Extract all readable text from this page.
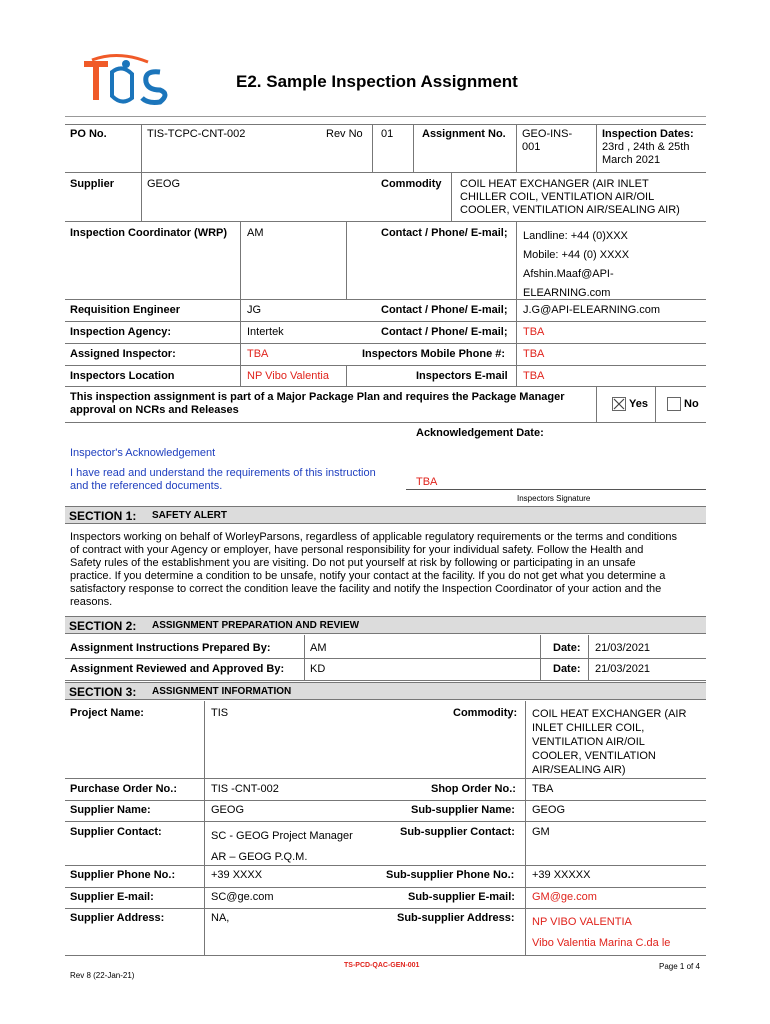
E2. Sample Inspection Assignment
PO No.	TIS-TCPC-CNT-002	Rev No 01	Assignment No. GEO-INS-
001
Inspection Dates:
23rd , 24th & 25th
March 2021
Supplier	GEOG	Commodity COIL HEAT EXCHANGER (AIR INLET
CHILLER COIL, VENTILATION AIR/OIL
COOLER, VENTILATION AIR/SEALING AIR)
Inspection Coordinator (WRP) AM	Contact / Phone/ E-mail; Landline: +44 (0)XXX
Mobile: +44 (0) XXXX
Afshin.Maaf@API-
ELEARNING.com
Requisition Engineer	JG	Contact / Phone/ E-mail; J.G@API-ELEARNING.com
Inspection Agency:	Intertek	Contact / Phone/ E-mail; TBA
Assigned Inspector:	TBA	Inspectors Mobile Phone #: TBA
Inspectors Location	NP Vibo Valentia	Inspectors E-mail TBA
This inspection assignment is part of a Major Package Plan and requires the Package Manager
approval on NCRs and Releases	Yes	No
Acknowledgement Date:
Inspector's Acknowledgement
I have read and understand the requirements of this instruction
and the referenced documents.	TBA
Inspectors Signature
SECTION 1: SAFETY ALERT
Inspectors working on behalf of WorleyParsons, regardless of applicable regulatory requirements or the terms and conditions
of contract with your Agency or employer, have personal responsibility for your individual safety. Follow the Health and
Safety rules of the establishment you are visiting. Do not put yourself at risk by following or participating in an unsafe
practice. If you determine a condition to be unsafe, notify your contact at the facility. If you do not get what you determine a
satisfactory response to correct the condition leave the facility and notify the Inspection Coordinator of your action and the
reasons.
SECTION 2: ASSIGNMENT PREPARATION AND REVIEW
Assignment Instructions Prepared By:	AM	Date: 21/03/2021
Assignment Reviewed and Approved By: KD	Date: 21/03/2021
SECTION 3: ASSIGNMENT INFORMATION
Project Name:	TIS	Commodity: COIL HEAT EXCHANGER (AIR
INLET CHILLER COIL,
VENTILATION AIR/OIL
COOLER, VENTILATION
AIR/SEALING AIR)
Purchase Order No.:	TIS -CNT-002	Shop Order No.: TBA
Supplier Name:	GEOG	Sub-supplier Name: GEOG
Supplier Contact:	SC - GEOG Project Manager
AR – GEOG P.Q.M.
Sub-supplier Contact: GM
Supplier Phone No.:	+39 XXXX	Sub-supplier Phone No.: +39 XXXXX
Supplier E-mail:	SC@ge.com	Sub-supplier E-mail: GM@ge.com
Supplier Address:	NA,	Sub-supplier Address: NP VIBO VALENTIA
Vibo Valentia Marina C.da le
TS-PCD-QAC-GEN-001	Page 1 of 4
Rev 8 (22-Jan-21)
